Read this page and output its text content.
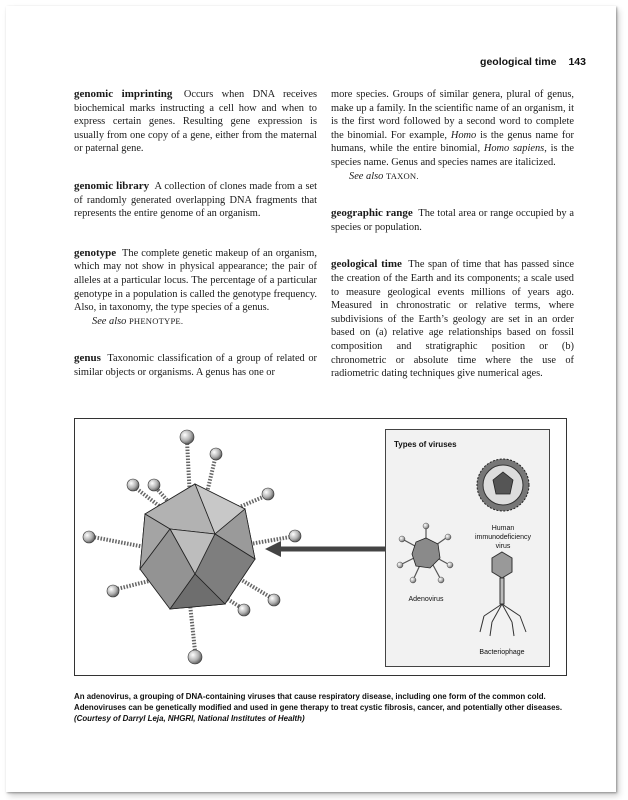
geological time 143

genomic imprinting Occurs when DNA receives biochemical marks instructing a cell how and when to express certain genes. Resulting gene expression is usually from one copy of a gene, either from the maternal or paternal gene.

genomic library A collection of clones made from a set of randomly generated overlapping DNA fragments that represents the entire genome of an organism.

genotype The complete genetic makeup of an organism, which may not show in physical appearance; the pair of alleles at a particular locus. The percentage of a particular genotype in a population is called the genotype frequency. Also, in taxonomy, the type species of a genus.

See also PHENOTYPE.

genus Taxonomic classification of a group of related or similar objects or organisms. A genus has one or

more species. Groups of similar genera, plural of genus, make up a family. In the scientific name of an organism, it is the first word followed by a second word to complete the binomial. For example, Homo is the genus name for humans, while the entire binomial, Homo sapiens, is the species name. Genus and species names are italicized.

See also TAXON.

geographic range The total area or range occupied by a species or population.

geological time The span of time that has passed since the creation of the Earth and its components; a scale used to measure geological events millions of years ago. Measured in chronostratic or relative terms, where subdivisions of the Earth’s geology are set in an order based on (a) relative age relationships based on fossil composition and stratigraphic position or (b) chronometric or absolute time where the use of radiometric dating techniques give numerical ages.

Types of viruses
Human
immunodeficiency
virus
Adenovirus
Bacteriophage

An adenovirus, a grouping of DNA-containing viruses that cause respiratory disease, including one form of the common cold.

Adenoviruses can be genetically modified and used in gene therapy to treat cystic fibrosis, cancer, and potentially other diseases.

(Courtesy of Darryl Leja, NHGRI, National Institutes of Health)
